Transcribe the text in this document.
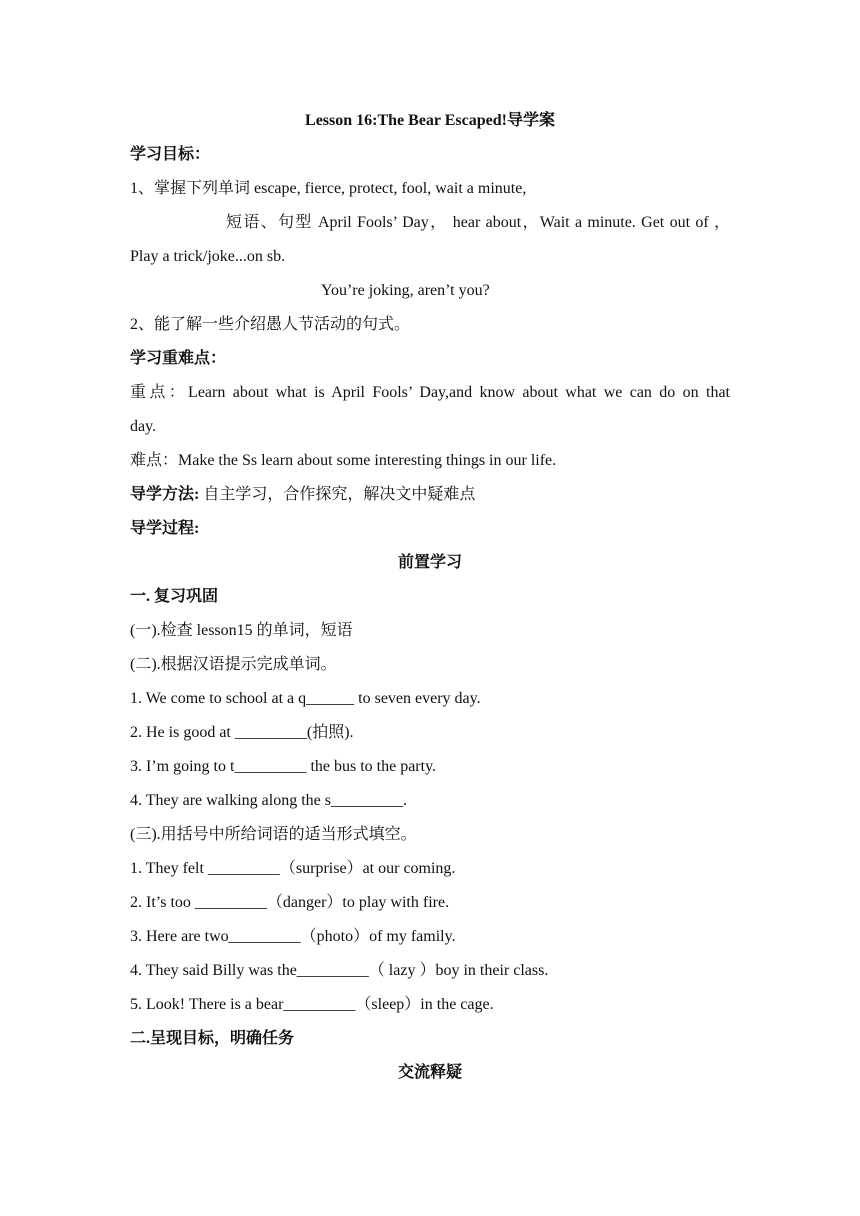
Lesson 16:The Bear Escaped!导学案
学习目标：
1、掌握下列单词 escape, fierce, protect, fool, wait a minute,
短语、句型 April Fools’ Day， hear about，Wait a minute. Get out of ，
Play a trick/joke...on sb.
You’re joking, aren’t you?
2、能了解一些介绍愚人节活动的句式。
学习重难点：
重点：Learn about what is April Fools’ Day,and know about what we can do on that
day.
难点：Make the Ss learn about some interesting things in our life.
导学方法: 自主学习，合作探究，解决文中疑难点
导学过程:
前置学习
一. 复习巩固
(一).检查 lesson15 的单词，短语
(二).根据汉语提示完成单词。
1. We come to school at a q______ to seven every day.
2. He is good at _________(拍照).
3. I’m going to t_________ the bus to the party.
4. They are walking along the s_________.
(三).用括号中所给词语的适当形式填空。
1. They felt _________（surprise）at our coming.
2. It’s too _________（danger）to play with fire.
3. Here are two_________（photo）of my family.
4. They said Billy was the_________（ lazy ）boy in their class.
5. Look! There is a bear_________（sleep）in the cage.
二.呈现目标，明确任务
交流释疑
